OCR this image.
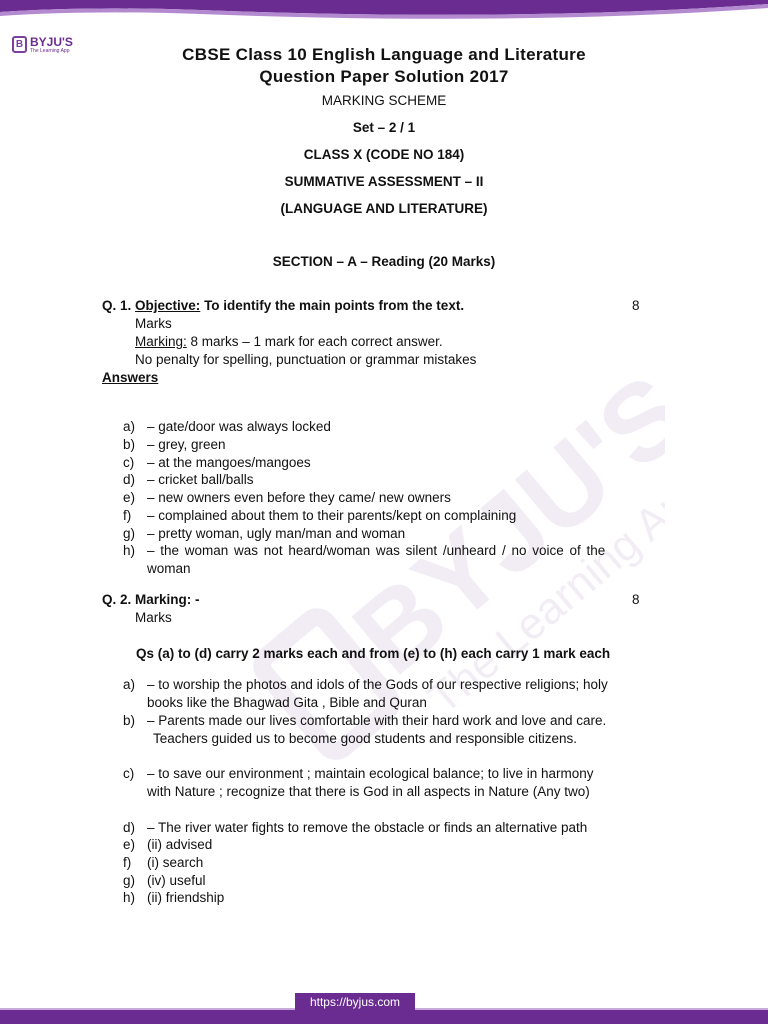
B BYJU'S
The Learning App
BYJU'S
The Learning App
CBSE Class 10 English Language and Literature
Question Paper Solution 2017
MARKING SCHEME
Set – 2 / 1
CLASS X (CODE NO 184)
SUMMATIVE ASSESSMENT – II
(LANGUAGE AND LITERATURE)
SECTION – A – Reading (20 Marks)
Q. 1. Objective: To identify the main points from the text.	8
Marks
Marking: 8 marks – 1 mark for each correct answer.
No penalty for spelling, punctuation or grammar mistakes
Answers
a) – gate/door was always locked
b) – grey, green
c) – at the mangoes/mangoes
d) – cricket ball/balls
e) – new owners even before they came/ new owners
f) – complained about them to their parents/kept on complaining
g) – pretty woman, ugly man/man and woman
h) – the woman was not heard/woman was silent /unheard / no voice of the
woman
Q. 2. Marking: -	8
Marks
Qs (a) to (d) carry 2 marks each and from (e) to (h) each carry 1 mark each
a) – to worship the photos and idols of the Gods of our respective religions; holy
books like the Bhagwad Gita , Bible and Quran
b) – Parents made our lives comfortable with their hard work and love and care.
Teachers guided us to become good students and responsible citizens.
c) – to save our environment ; maintain ecological balance; to live in harmony
with Nature ; recognize that there is God in all aspects in Nature (Any two)
d) – The river water fights to remove the obstacle or finds an alternative path
e) (ii) advised
f) (i) search
g) (iv) useful
h) (ii) friendship
https://byjus.com
